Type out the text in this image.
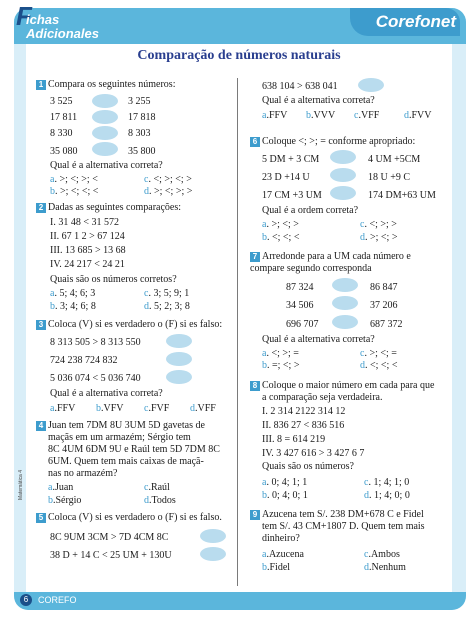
F
ichas
Adicionales
Corefonet
Comparação de números naturais
1 Compara os seguintes números:
3 525	3 255
17 811	17 818
8 330	8 303
35 080	35 800
Qual é a alternativa correta?
a. >; <; >; <	c. <; >; <; >
b. >; <; <; <	d. >; <; >; >
2 Dadas as seguintes comparações:
I. 31 48 < 31 572
II. 67 1 2 > 67 124
III. 13 685 > 13 68
IV. 24 217 < 24 21
Quais são os números corretos?
a. 5; 4; 6; 3	c. 3; 5; 9; 1
b. 3; 4; 6; 8	d. 5; 2; 3; 8
3 Coloca (V) si es verdadero o (F) si es falso:
8 313 505 > 8 313 550
724 238 724 832
5 036 074 < 5 036 740
Qual é a alternativa correta?
a.FFV b.VFV c.FVF d.VFF
4 Juan tem 7DM 8U 3UM 5D gavetas de
maçãs em um armazém; Sérgio tem
8C 4UM 6DM 9U e Raúl tem 5D 7DM 8C
6UM. Quem tem mais caixas de maçã-
nas no armazém?
a.Juan	c.Raúl
b.Sérgio	d.Todos
5 Coloca (V) si es verdadero o (F) si es falso.
8C 9UM 3CM > 7D 4CM 8C
38 D + 14 C < 25 UM + 130U
638 104 > 638 041
Qual é a alternativa correta?
a.FFV b.VVV c.VFF d.FVV
6 Coloque <; >; = conforme apropriado:
5 DM + 3 CM	4 UM +5CM
23 D +14 U	18 U +9 C
17 CM +3 UM	174 DM+63 UM
Qual é a ordem correta?
a. >; <; >	c. <; >; >
b. <; <; <	d. >; <; >
7 Arredonde para a UM cada número e compare segundo corresponda
87 324	86 847
34 506	37 206
696 707	687 372
Qual é a alternativa correta?
a. <; >; =
b. =; <; >
c. >; <; =
d. <; <; <
8 Coloque o maior número em cada para que
a comparação seja verdadeira.
I. 2 314 2122 314 12
II. 836 27 < 836 516
III. 8 = 614 219
IV. 3 427 616 > 3 427 6 7
Quais são os números?
a. 0; 4; 1; 1	c. 1; 4; 1; 0
b. 0; 4; 0; 1	d. 1; 4; 0; 0
9 Azucena tem S/. 238 DM+678 C e Fidel
tem S/. 43 CM+1807 D. Quem tem mais
dinheiro?
a.Azucena	c.Ambos
b.Fidel	d.Nenhum
Matemática 4
6	COREFO
